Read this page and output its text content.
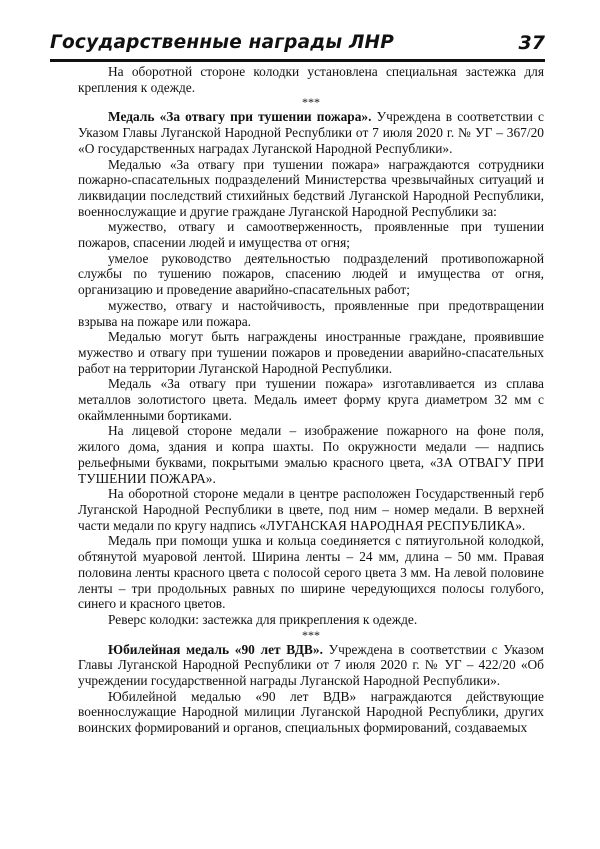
Государственные награды ЛНР	37

На оборотной стороне колодки установлена специальная застежка для крепления к одежде.

***

Медаль «За отвагу при тушении пожара». Учреждена в соответствии с Указом Главы Луганской Народной Республики от 7 июля 2020 г. № УГ – 367/20 «О государственных наградах Луганской Народной Республики».

Медалью «За отвагу при тушении пожара» награждаются сотрудники пожарно-спасательных подразделений Министерства чрезвычайных ситуаций и ликвидации последствий стихийных бедствий Луганской Народной Республики, военнослужащие и другие граждане Луганской Народной Республики за:

мужество, отвагу и самоотверженность, проявленные при тушении пожаров, спасении людей и имущества от огня;

умелое руководство деятельностью подразделений противопожарной службы по тушению пожаров, спасению людей и имущества от огня, организацию и проведение аварийно-спасательных работ;

мужество, отвагу и настойчивость, проявленные при предотвращении взрыва на пожаре или пожара.

Медалью могут быть награждены иностранные граждане, проявившие мужество и отвагу при тушении пожаров и проведении аварийно-спасательных работ на территории Луганской Народной Республики.

Медаль «За отвагу при тушении пожара» изготавливается из сплава металлов золотистого цвета. Медаль имеет форму круга диаметром 32 мм с окаймленными бортиками.

На лицевой стороне медали – изображение пожарного на фоне поля, жилого дома, здания и копра шахты. По окружности медали — надпись рельефными буквами, покрытыми эмалью красного цвета, «ЗА ОТВАГУ ПРИ ТУШЕНИИ ПОЖАРА».

На оборотной стороне медали в центре расположен Государственный герб Луганской Народной Республики в цвете, под ним – номер медали. В верхней части медали по кругу надпись «ЛУГАНСКАЯ НАРОДНАЯ РЕСПУБЛИКА».

Медаль при помощи ушка и кольца соединяется с пятиугольной колодкой, обтянутой муаровой лентой. Ширина ленты – 24 мм, длина – 50 мм. Правая половина ленты красного цвета с полосой серого цвета 3 мм. На левой половине ленты – три продольных равных по ширине чередующихся полосы голубого, синего и красного цветов.

Реверс колодки: застежка для прикрепления к одежде.

***

Юбилейная медаль «90 лет ВДВ». Учреждена в соответствии с Указом Главы Луганской Народной Республики от 7 июля 2020 г. № УГ – 422/20 «Об учреждении государственной награды Луганской Народной Республики».

Юбилейной медалью «90 лет ВДВ» награждаются действующие военнослужащие Народной милиции Луганской Народной Республики, других воинских формирований и органов, специальных формирований, создаваемых
